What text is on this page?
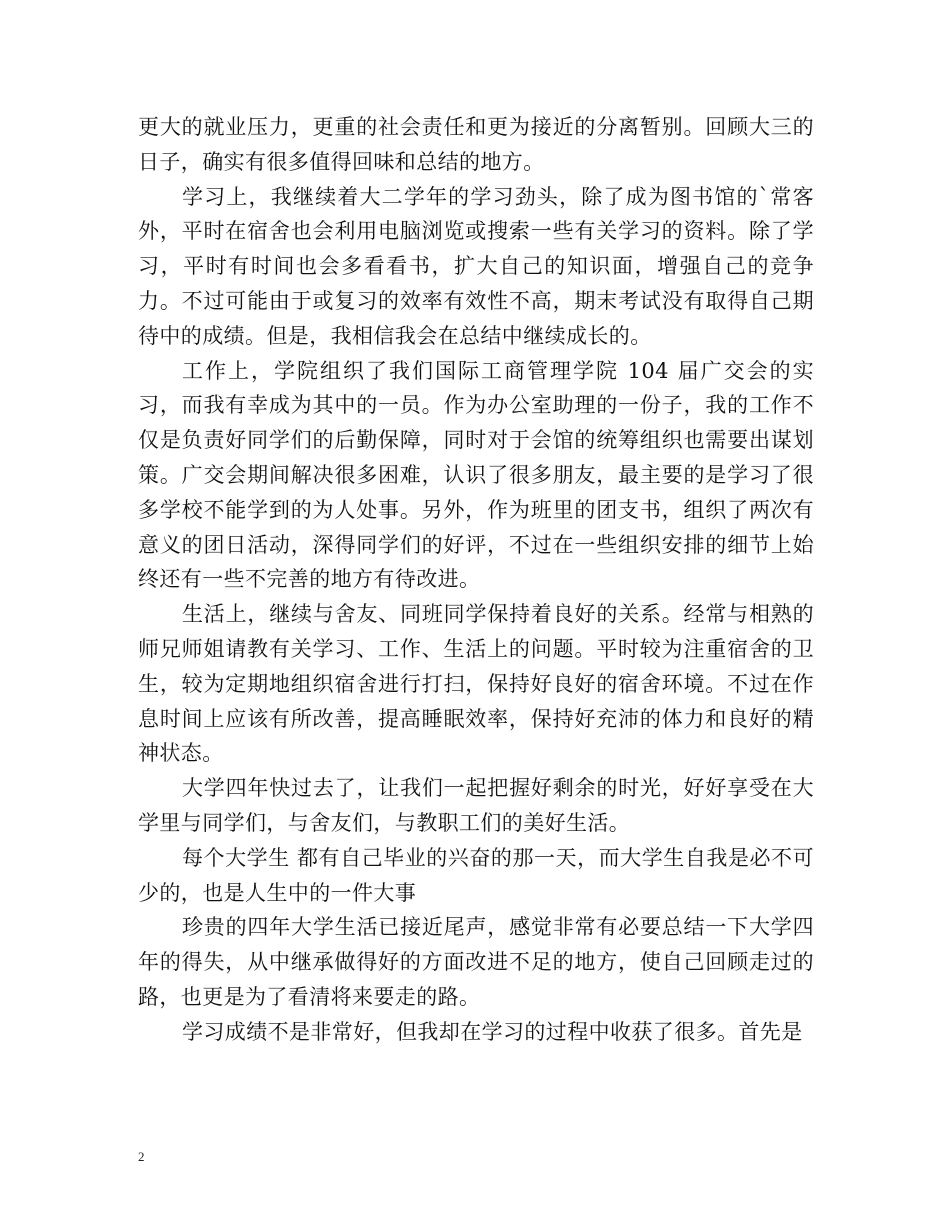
更大的就业压力，更重的社会责任和更为接近的分离暂别。回顾大三的日子，确实有很多值得回味和总结的地方。

学习上，我继续着大二学年的学习劲头，除了成为图书馆的`常客外，平时在宿舍也会利用电脑浏览或搜索一些有关学习的资料。除了学习，平时有时间也会多看看书，扩大自己的知识面，增强自己的竞争力。不过可能由于或复习的效率有效性不高，期末考试没有取得自己期待中的成绩。但是，我相信我会在总结中继续成长的。

工作上，学院组织了我们国际工商管理学院 104 届广交会的实习，而我有幸成为其中的一员。作为办公室助理的一份子，我的工作不仅是负责好同学们的后勤保障，同时对于会馆的统筹组织也需要出谋划策。广交会期间解决很多困难，认识了很多朋友，最主要的是学习了很多学校不能学到的为人处事。另外，作为班里的团支书，组织了两次有意义的团日活动，深得同学们的好评，不过在一些组织安排的细节上始终还有一些不完善的地方有待改进。

生活上，继续与舍友、同班同学保持着良好的关系。经常与相熟的师兄师姐请教有关学习、工作、生活上的问题。平时较为注重宿舍的卫生，较为定期地组织宿舍进行打扫，保持好良好的宿舍环境。不过在作息时间上应该有所改善，提高睡眠效率，保持好充沛的体力和良好的精神状态。

大学四年快过去了，让我们一起把握好剩余的时光，好好享受在大学里与同学们，与舍友们，与教职工们的美好生活。

每个大学生 都有自己毕业的兴奋的那一天，而大学生自我是必不可少的，也是人生中的一件大事

珍贵的四年大学生活已接近尾声，感觉非常有必要总结一下大学四年的得失，从中继承做得好的方面改进不足的地方，使自己回顾走过的路，也更是为了看清将来要走的路。

学习成绩不是非常好，但我却在学习的过程中收获了很多。首先是

2
